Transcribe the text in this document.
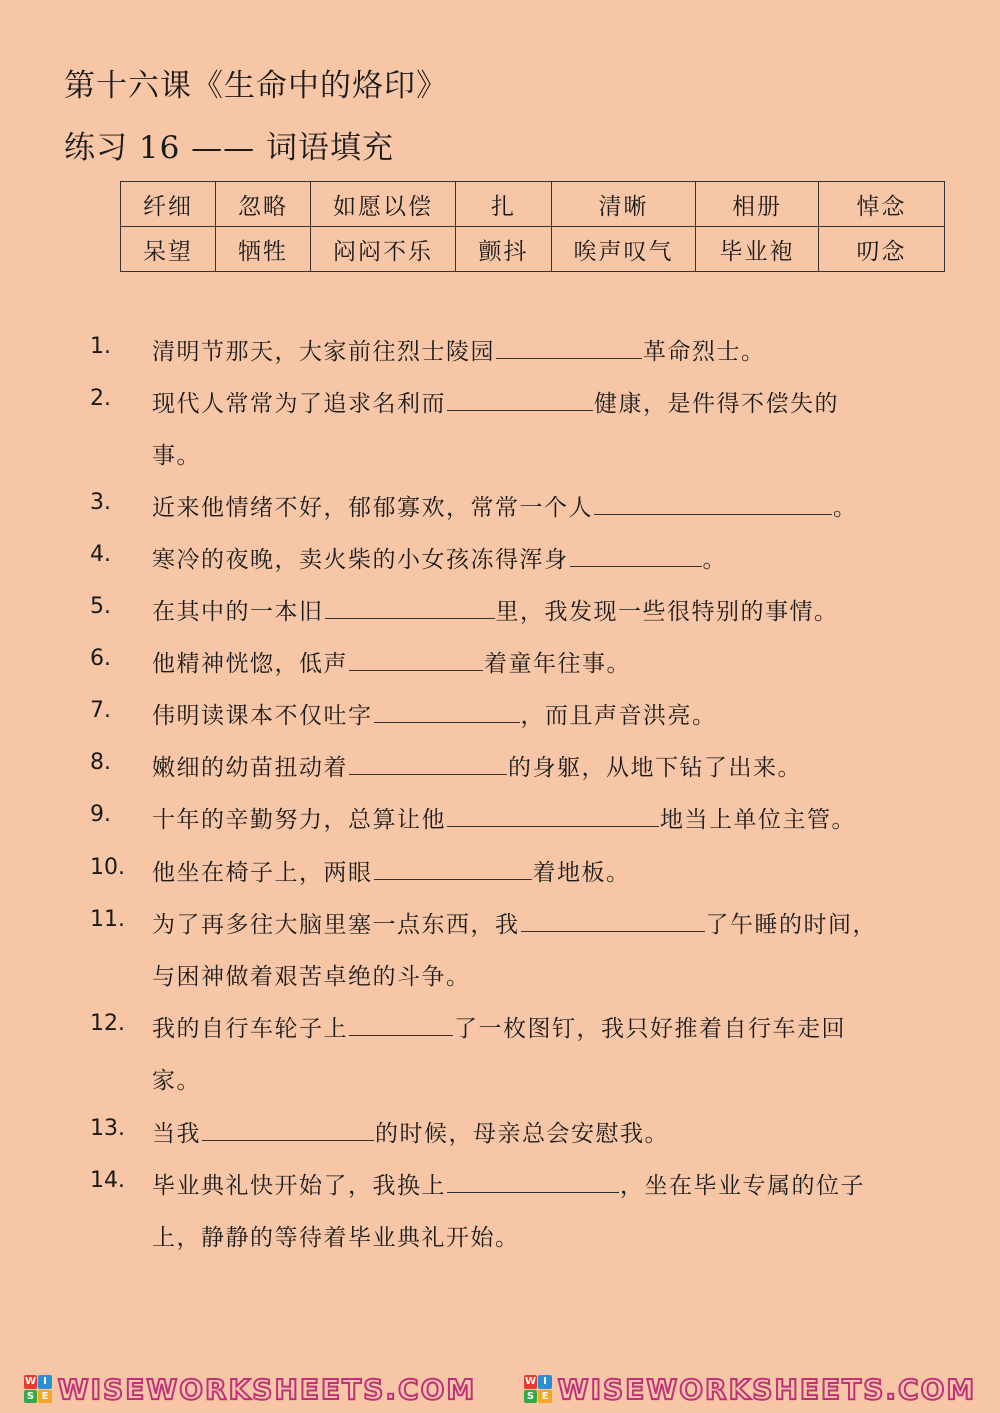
第十六课《生命中的烙印》
练习 16 —— 词语填充
纤细	忽略	如愿以偿	扎	清晰	相册	悼念
呆望	牺牲	闷闷不乐	颤抖	唉声叹气	毕业袍	叨念
1.	清明节那天，大家前往烈士陵园	革命烈士。
2.	现代人常常为了追求名利而	健康，是件得不偿失的
事。
3.	近来他情绪不好，郁郁寡欢，常常一个人	。
4.	寒冷的夜晚，卖火柴的小女孩冻得浑身	。
5.	在其中的一本旧	里，我发现一些很特别的事情。
6.	他精神恍惚，低声	着童年往事。
7.	伟明读课本不仅吐字	，而且声音洪亮。
8.	嫩细的幼苗扭动着	的身躯，从地下钻了出来。
9.	十年的辛勤努力，总算让他	地当上单位主管。
10.	他坐在椅子上，两眼	着地板。
11.	为了再多往大脑里塞一点东西，我	了午睡的时间，
与困神做着艰苦卓绝的斗争。
12.	我的自行车轮子上	了一枚图钉，我只好推着自行车走回
家。
13.	当我	的时候，母亲总会安慰我。
14.	毕业典礼快开始了，我换上	，坐在毕业专属的位子
上，静静的等待着毕业典礼开始。
W I
S E WISEWORKSHEETS.COM	W I
S E WISEWORKSHEETS.COM
